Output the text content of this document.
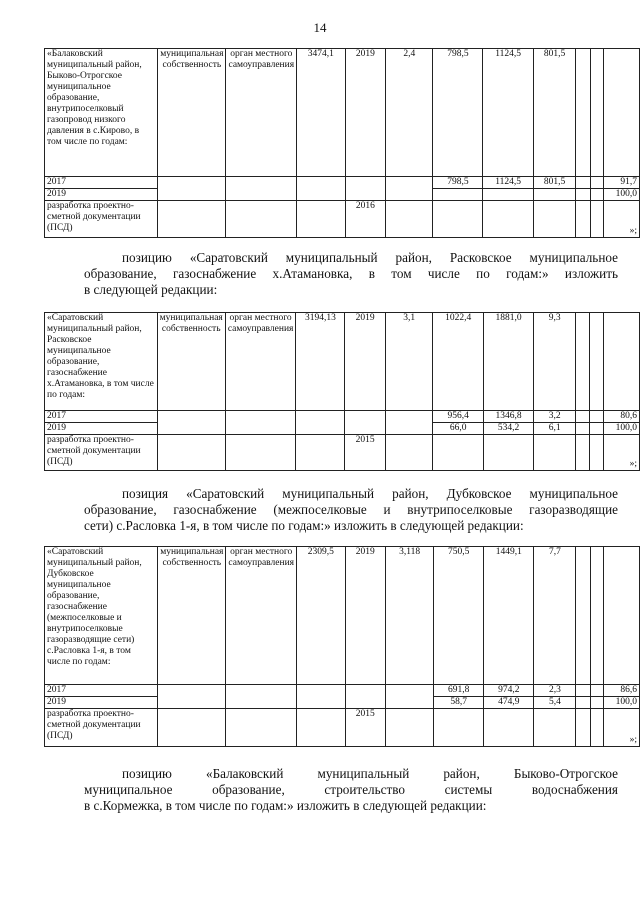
14
«Балаковский муниципальный район, Быково-Отрогское муниципальное образование, внутрипоселковый газопровод низкого давления в с.Кирово, в том числе по годам:	муниципальная собственность	орган местного самоуправления	3474,1	2019	2,4	798,5	1124,5	801,5			
2017						798,5	1124,5	801,5			91,7
2019											100,0
разработка проектно-сметной документации (ПСД)				2016							»;
позицию «Саратовский муниципальный район, Расковское муниципальное
образование, газоснабжение х.Атамановка, в том числе по годам:» изложить
в следующей редакции:
«Саратовский муниципальный район, Расковское муниципальное образование, газоснабжение х.Атамановка, в том числе по годам:	муниципальная собственность	орган местного самоуправления	3194,13	2019	3,1	1022,4	1881,0	9,3			
2017						956,4	1346,8	3,2			80,6
2019						66,0	534,2	6,1			100,0
разработка проектно-сметной документации (ПСД)				2015							»;
позиция «Саратовский муниципальный район, Дубковское муниципальное
образование, газоснабжение (межпоселковые и внутрипоселковые газоразводящие
сети) с.Расловка 1-я, в том числе по годам:» изложить в следующей редакции:
«Саратовский муниципальный район, Дубковское муниципальное образование, газоснабжение (межпоселковые и внутрипоселковые газоразводящие сети) с.Расловка 1-я, в том числе по годам:	муниципальная собственность	орган местного самоуправления	2309,5	2019	3,118	750,5	1449,1	7,7			
2017						691,8	974,2	2,3			86,6
2019						58,7	474,9	5,4			100,0
разработка проектно-сметной документации (ПСД)				2015							»;
позицию «Балаковский муниципальный район, Быково-Отрогское
муниципальное образование, строительство системы водоснабжения
в с.Кормежка, в том числе по годам:» изложить в следующей редакции:
